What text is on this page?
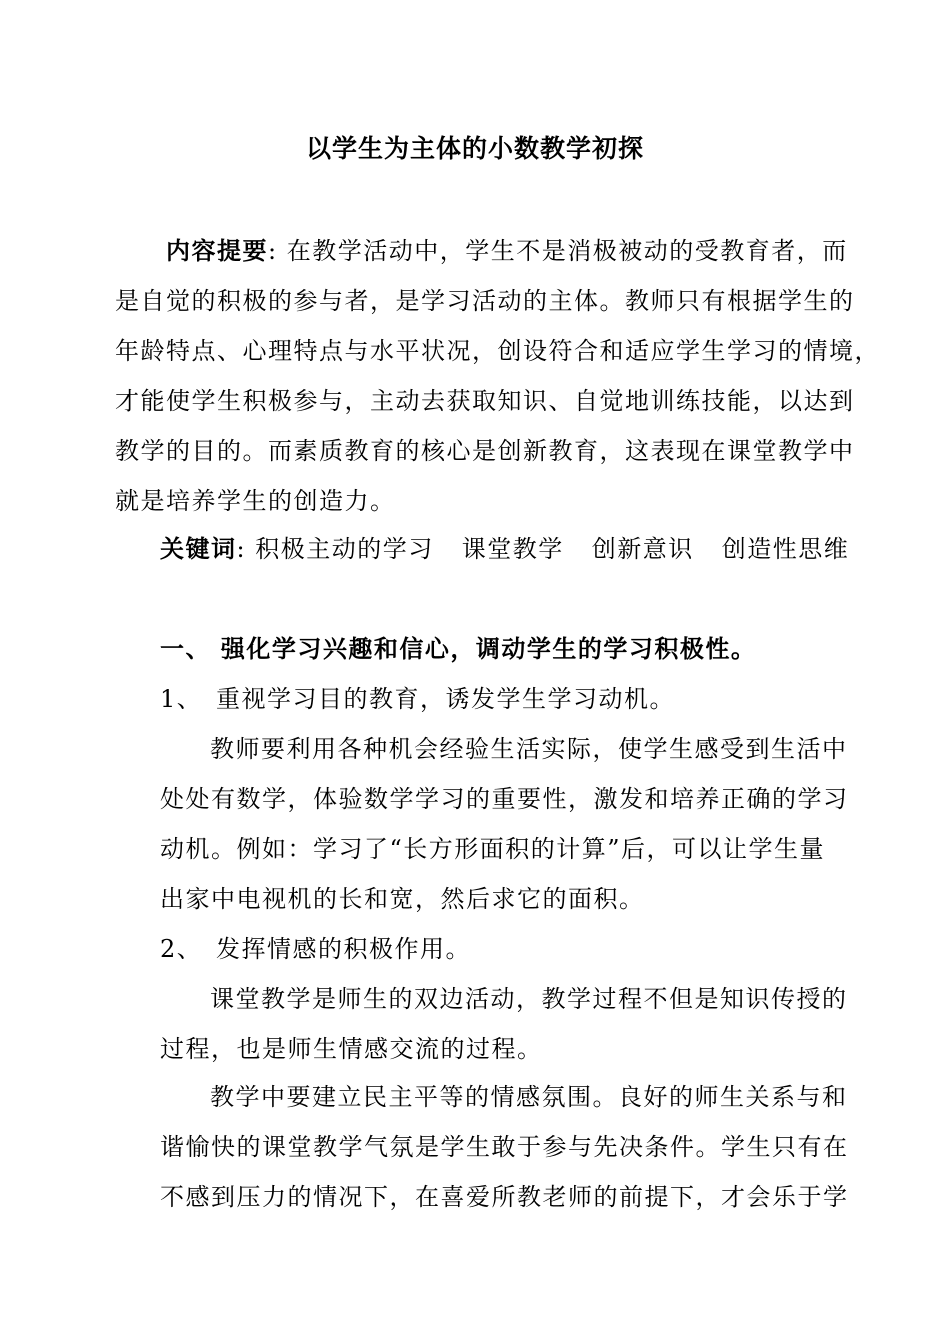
以学生为主体的小数教学初探
内容提要: 在教学活动中，学生不是消极被动的受教育者，而
是自觉的积极的参与者，是学习活动的主体。教师只有根据学生的
年龄特点、心理特点与水平状况，创设符合和适应学生学习的情境，
才能使学生积极参与，主动去获取知识、自觉地训练技能，以达到
教学的目的。而素质教育的核心是创新教育，这表现在课堂教学中
就是培养学生的创造力。
关键词: 积极主动的学习 课堂教学 创新意识 创造性思维
一、 强化学习兴趣和信心，调动学生的学习积极性。
1、 重视学习目的教育，诱发学生学习动机。
教师要利用各种机会经验生活实际，使学生感受到生活中
处处有数学，体验数学学习的重要性，激发和培养正确的学习
动机。例如：学习了“长方形面积的计算”后，可以让学生量
出家中电视机的长和宽，然后求它的面积。
2、 发挥情感的积极作用。
课堂教学是师生的双边活动，教学过程不但是知识传授的
过程，也是师生情感交流的过程。
教学中要建立民主平等的情感氛围。良好的师生关系与和
谐愉快的课堂教学气氛是学生敢于参与先决条件。学生只有在
不感到压力的情况下，在喜爱所教老师的前提下，才会乐于学
